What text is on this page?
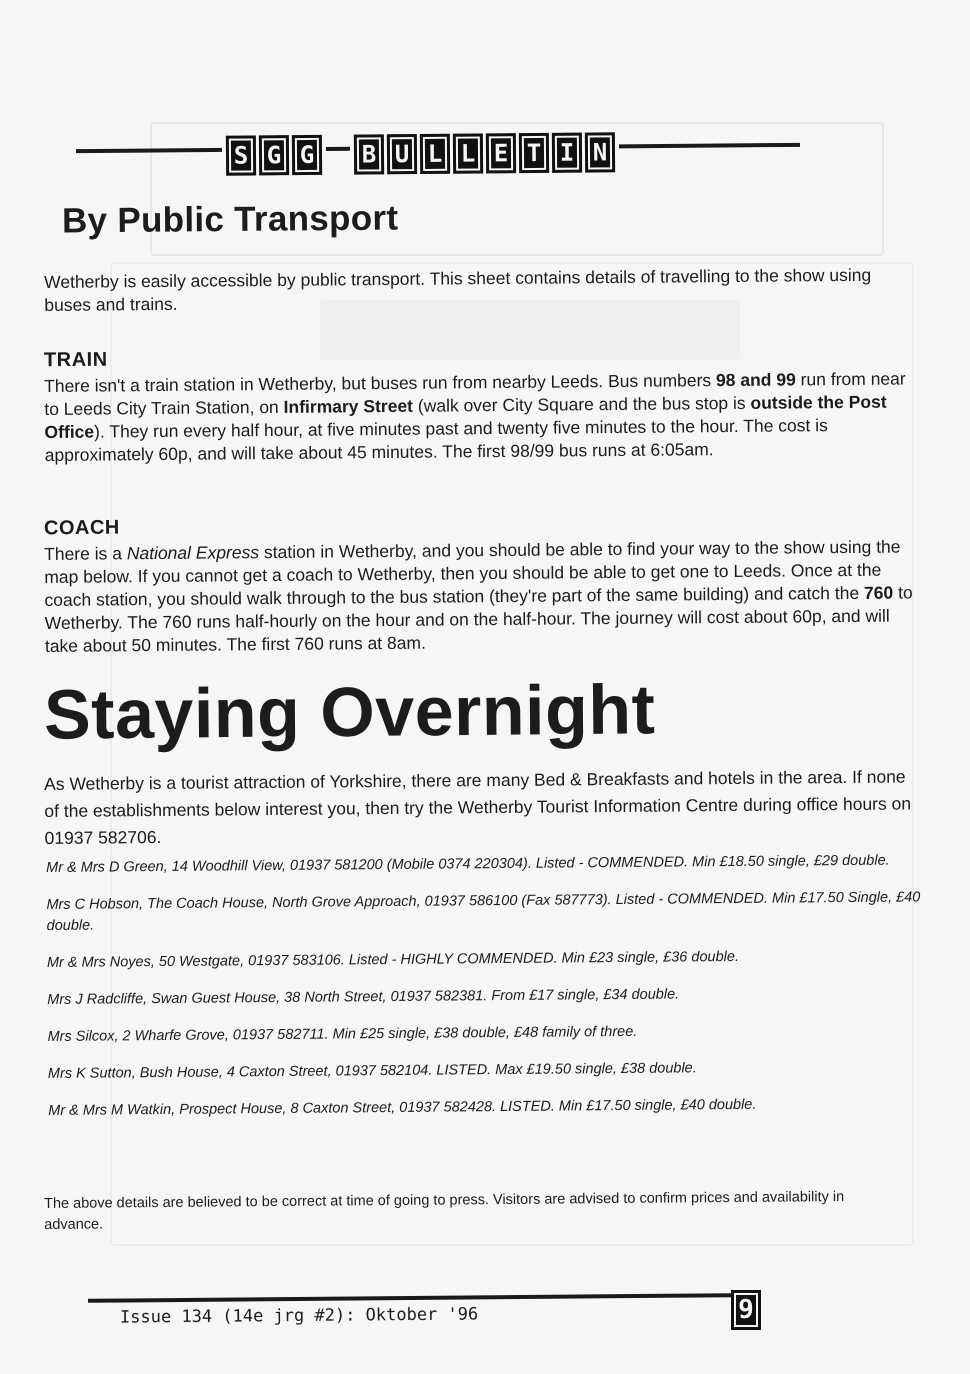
S G G	B U L L E T I N
By Public Transport

Wetherby is easily accessible by public transport. This sheet contains details of travelling to the show using buses and trains.

TRAIN

There isn't a train station in Wetherby, but buses run from nearby Leeds. Bus numbers 98 and 99 run from near to Leeds City Train Station, on Infirmary Street (walk over City Square and the bus stop is outside the Post Office). They run every half hour, at five minutes past and twenty five minutes to the hour. The cost is approximately 60p, and will take about 45 minutes. The first 98/99 bus runs at 6:05am.

COACH

There is a National Express station in Wetherby, and you should be able to find your way to the show using the map below. If you cannot get a coach to Wetherby, then you should be able to get one to Leeds. Once at the coach station, you should walk through to the bus station (they're part of the same building) and catch the 760 to Wetherby. The 760 runs half-hourly on the hour and on the half-hour. The journey will cost about 60p, and will take about 50 minutes. The first 760 runs at 8am.

Staying Overnight

As Wetherby is a tourist attraction of Yorkshire, there are many Bed & Breakfasts and hotels in the area. If none of the establishments below interest you, then try the Wetherby Tourist Information Centre during office hours on 01937 582706.

Mr & Mrs D Green, 14 Woodhill View, 01937 581200 (Mobile 0374 220304). Listed - COMMENDED. Min £18.50 single, £29 double.
Mrs C Hobson, The Coach House, North Grove Approach, 01937 586100 (Fax 587773). Listed - COMMENDED. Min £17.50 Single, £40 double.
Mr & Mrs Noyes, 50 Westgate, 01937 583106. Listed - HIGHLY COMMENDED. Min £23 single, £36 double.
Mrs J Radcliffe, Swan Guest House, 38 North Street, 01937 582381. From £17 single, £34 double.
Mrs Silcox, 2 Wharfe Grove, 01937 582711. Min £25 single, £38 double, £48 family of three.
Mrs K Sutton, Bush House, 4 Caxton Street, 01937 582104. LISTED. Max £19.50 single, £38 double.
Mr & Mrs M Watkin, Prospect House, 8 Caxton Street, 01937 582428. LISTED. Min £17.50 single, £40 double.

The above details are believed to be correct at time of going to press. Visitors are advised to confirm prices and availability in advance.

Issue 134 (14e jrg #2): Oktober '96	9
